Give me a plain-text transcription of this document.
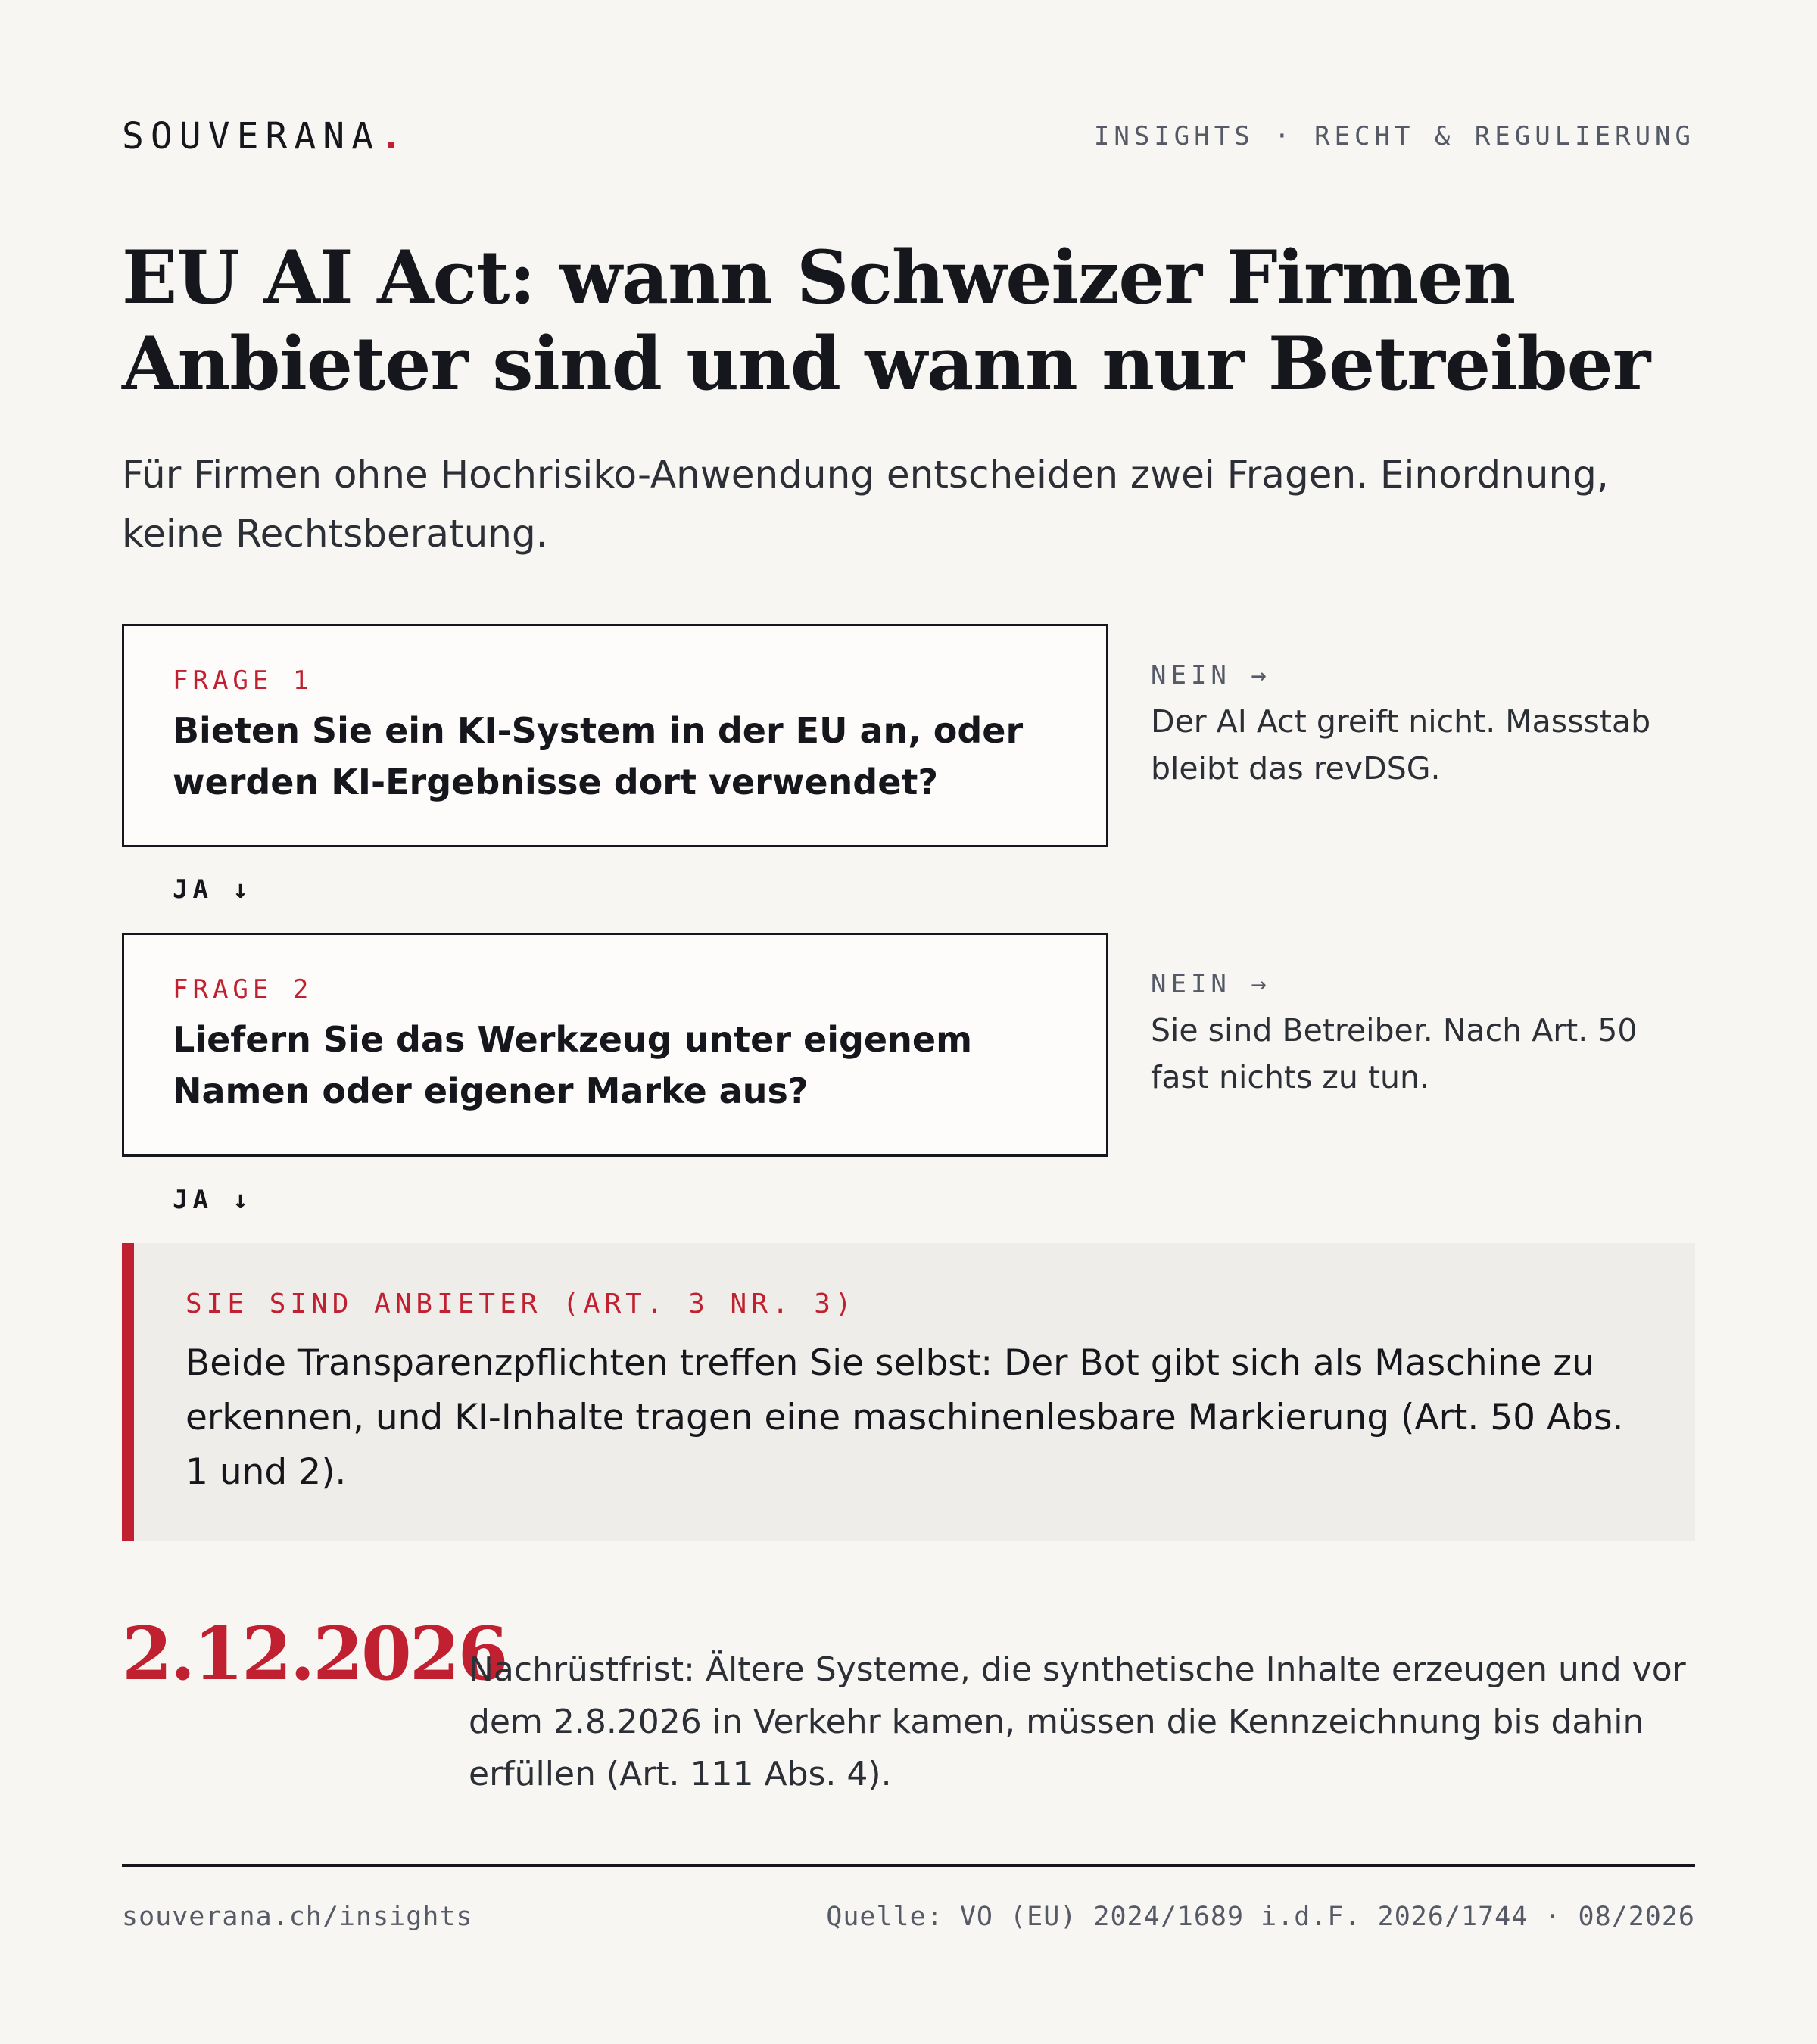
SOUVERANA.	INSIGHTS · RECHT & REGULIERUNG
EU AI Act: wann Schweizer Firmen Anbieter sind und wann nur Betreiber

Für Firmen ohne Hochrisiko-Anwendung entscheiden zwei Fragen. Einordnung, keine Rechtsberatung.

FRAGE 1
Bieten Sie ein KI-System in der EU an, oder werden KI-Ergebnisse dort verwendet?
NEIN →
Der AI Act greift nicht. Massstab bleibt das revDSG.
JA ↓
FRAGE 2
Liefern Sie das Werkzeug unter eigenem Namen oder eigener Marke aus?
NEIN →
Sie sind Betreiber. Nach Art. 50 fast nichts zu tun.
JA ↓
SIE SIND ANBIETER (ART. 3 NR. 3)
Beide Transparenzpflichten treffen Sie selbst: Der Bot gibt sich als Maschine zu erkennen, und KI-Inhalte tragen eine maschinenlesbare Markierung (Art. 50 Abs. 1 und 2).
2.12.2026
Nachrüstfrist: Ältere Systeme, die synthetische Inhalte erzeugen und vor dem 2.8.2026 in Verkehr kamen, müssen die Kennzeichnung bis dahin erfüllen (Art. 111 Abs. 4).
souverana.ch/insights	Quelle: VO (EU) 2024/1689 i.d.F. 2026/1744 · 08/2026
